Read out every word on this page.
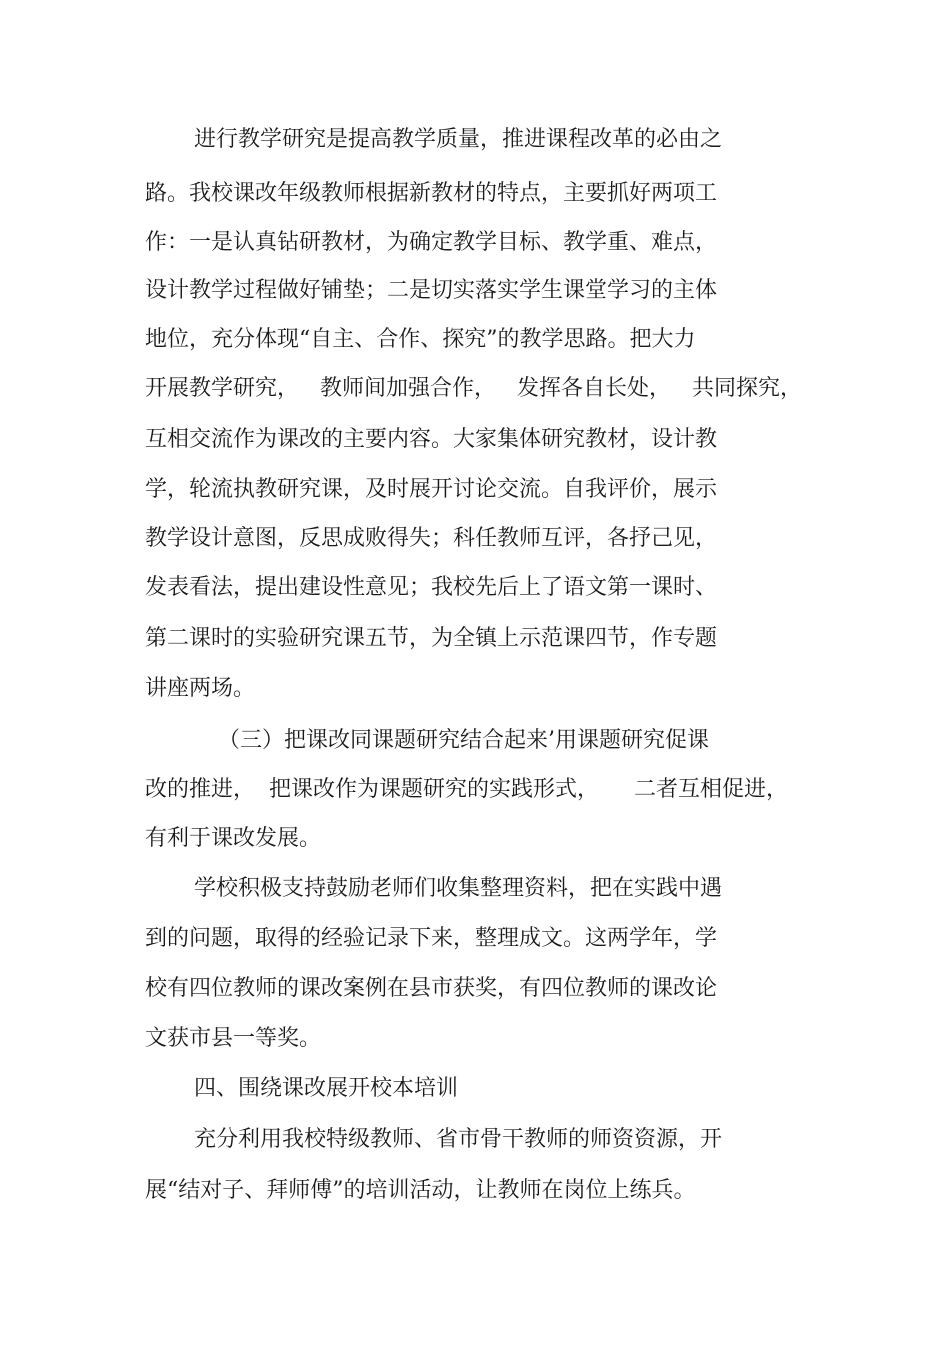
进行教学研究是提高教学质量，推进课程改革的必由之

路。我校课改年级教师根据新教材的特点，主要抓好两项工

作：一是认真钻研教材，为确定教学目标、教学重、难点，

设计教学过程做好铺垫；二是切实落实学生课堂学习的主体

地位，充分体现“自主、合作、探究”的教学思路。把大力

开展教学研究，   教师间加强合作，   发挥各自长处，   共同探究，

互相交流作为课改的主要内容。大家集体研究教材，设计教

学，轮流执教研究课，及时展开讨论交流。自我评价，展示

教学设计意图，反思成败得失；科任教师互评，各抒己见，

发表看法，提出建设性意见；我校先后上了语文第一课时、

第二课时的实验研究课五节，为全镇上示范课四节，作专题

讲座两场。

（三）把课改同课题研究结合起来’用课题研究促课

改的推进，  把课改作为课题研究的实践形式，     二者互相促进，

有利于课改发展。

学校积极支持鼓励老师们收集整理资料，把在实践中遇

到的问题，取得的经验记录下来，整理成文。这两学年，学

校有四位教师的课改案例在县市获奖，有四位教师的课改论

文获市县一等奖。

四、围绕课改展开校本培训

充分利用我校特级教师、省市骨干教师的师资资源，开

展“结对子、拜师傅”的培训活动，让教师在岗位上练兵。
